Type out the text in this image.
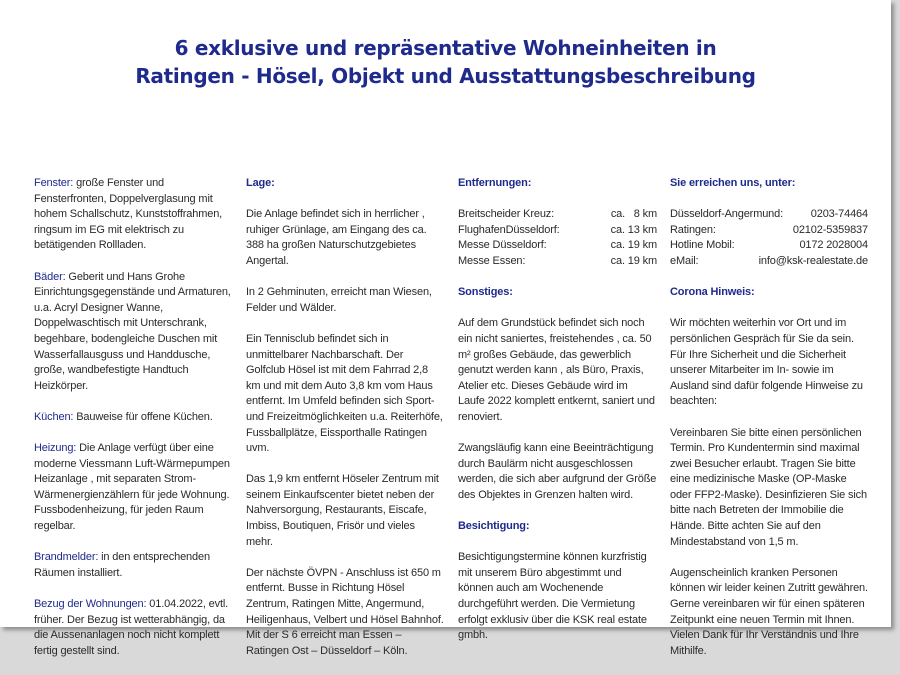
6 exklusive und repräsentative Wohneinheiten in
Ratingen - Hösel, Objekt und Ausstattungsbeschreibung

Fenster: große Fenster und Fensterfronten, Doppelverglasung mit hohem Schallschutz, Kunststoffrahmen, ringsum im EG mit elektrisch zu betätigenden Rollladen.

Bäder: Geberit und Hans Grohe Einrichtungsgegenstände und Armaturen, u.a. Acryl Designer Wanne, Doppelwaschtisch mit Unterschrank, begehbare, bodengleiche Duschen mit Wasserfallausguss und Handdusche, große, wandbefestigte Handtuch Heizkörper.

Küchen: Bauweise für offene Küchen.

Heizung: Die Anlage verfügt über eine moderne Viessmann Luft-Wärmepumpen Heizanlage , mit separaten Strom-Wärmenergienzählern für jede Wohnung. Fussbodenheizung, für jeden Raum regelbar.

Brandmelder: in den entsprechenden Räumen installiert.

Bezug der Wohnungen: 01.04.2022, evtl. früher. Der Bezug ist wetterabhängig, da die Aussenanlagen noch nicht komplett fertig gestellt sind.

Lage:

Die Anlage befindet sich in herrlicher , ruhiger Grünlage, am Eingang des ca. 388 ha großen Naturschutzgebietes Angertal.

In 2 Gehminuten, erreicht man Wiesen, Felder und Wälder.

Ein Tennisclub befindet sich in unmittelbarer Nachbarschaft. Der Golfclub Hösel ist mit dem Fahrrad 2,8 km und mit dem Auto 3,8 km vom Haus entfernt. Im Umfeld befinden sich Sport- und Freizeitmöglichkeiten u.a. Reiterhöfe, Fussballplätze, Eissporthalle Ratingen uvm.

Das 1,9 km entfernt Höseler Zentrum mit seinem Einkaufscenter bietet neben der Nahversorgung, Restaurants, Eiscafe, Imbiss, Boutiquen, Frisör und vieles mehr.

Der nächste ÖVPN - Anschluss ist 650 m entfernt. Busse in Richtung Hösel Zentrum, Ratingen Mitte, Angermund, Heiligenhaus, Velbert und Hösel Bahnhof. Mit der S 6 erreicht man Essen – Ratingen Ost – Düsseldorf – Köln.

Entfernungen:

Breitscheider Kreuz:	ca.   8 km
FlughafenDüsseldorf:	ca. 13 km
Messe Düsseldorf:	ca. 19 km
Messe Essen:	ca. 19 km

Sonstiges:

Auf dem Grundstück befindet sich noch ein nicht saniertes, freistehendes , ca. 50 m² großes Gebäude, das gewerblich genutzt werden kann , als Büro, Praxis, Atelier etc. Dieses Gebäude wird im Laufe 2022 komplett entkernt, saniert und renoviert.

Zwangsläufig kann eine Beeinträchtigung durch Baulärm nicht ausgeschlossen werden, die sich aber aufgrund der Größe des Objektes in Grenzen halten wird.

Besichtigung:

Besichtigungstermine können kurzfristig mit unserem Büro abgestimmt und können auch am Wochenende durchgeführt werden. Die Vermietung erfolgt exklusiv über die KSK real estate gmbh.

Sie erreichen uns, unter:

Düsseldorf-Angermund:	0203-74464
Ratingen:	02102-5359837
Hotline Mobil:	0172 2028004
eMail:	info@ksk-realestate.de

Corona Hinweis:

Wir möchten weiterhin vor Ort und im persönlichen Gespräch für Sie da sein. Für Ihre Sicherheit und die Sicherheit unserer Mitarbeiter im In- sowie im Ausland sind dafür folgende Hinweise zu beachten:

Vereinbaren Sie bitte einen persönlichen Termin. Pro Kundentermin sind maximal zwei Besucher erlaubt. Tragen Sie bitte eine medizinische Maske (OP-Maske oder FFP2-Maske). Desinfizieren Sie sich bitte nach Betreten der Immobilie die Hände. Bitte achten Sie auf den Mindestabstand von 1,5 m.

Augenscheinlich kranken Personen können wir leider keinen Zutritt gewähren. Gerne vereinbaren wir für einen späteren Zeitpunkt eine neuen Termin mit Ihnen. Vielen Dank für Ihr Verständnis und Ihre Mithilfe.
